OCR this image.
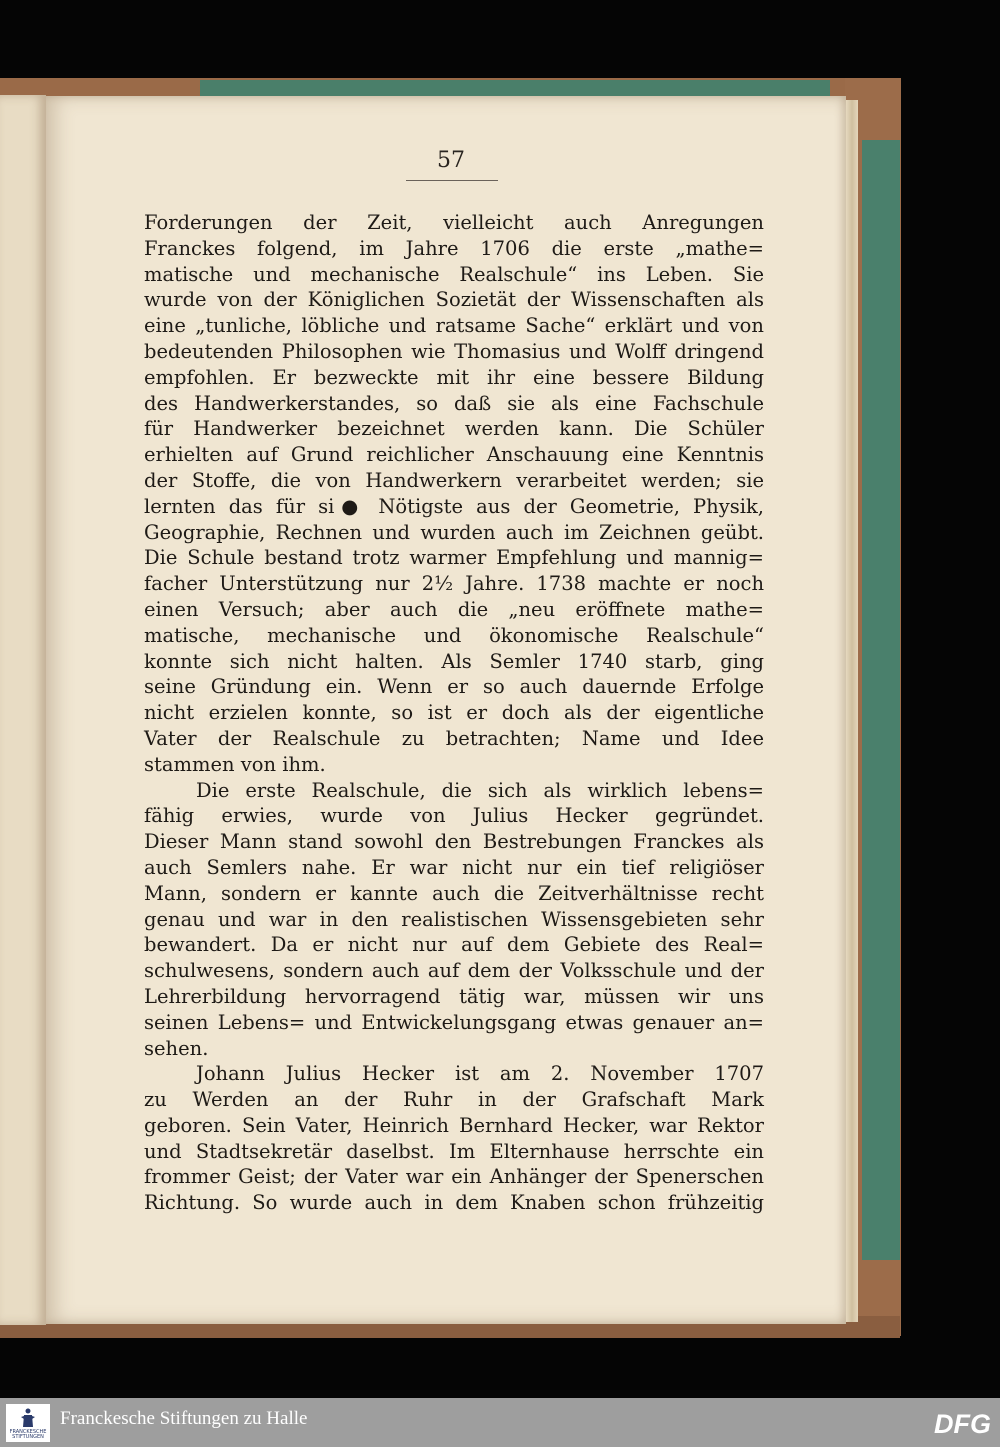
57
Forderungen der Zeit, vielleicht auch Anregungen
Franckes folgend, im Jahre 1706 die erste „mathe=
matische und mechanische Realschule“ ins Leben. Sie
wurde von der Königlichen Sozietät der Wissenschaften als
eine „tunliche, löbliche und ratsame Sache“ erklärt und von
bedeutenden Philosophen wie Thomasius und Wolff dringend
empfohlen. Er bezweckte mit ihr eine bessere Bildung
des Handwerkerstandes, so daß sie als eine Fachschule
für Handwerker bezeichnet werden kann. Die Schüler
erhielten auf Grund reichlicher Anschauung eine Kenntnis
der Stoffe, die von Handwerkern verarbeitet werden; sie
lernten das für si● Nötigste aus der Geometrie, Physik,
Geographie, Rechnen und wurden auch im Zeichnen geübt.
Die Schule bestand trotz warmer Empfehlung und mannig=
facher Unterstützung nur 2½ Jahre. 1738 machte er noch
einen Versuch; aber auch die „neu eröffnete mathe=
matische, mechanische und ökonomische Realschule“
konnte sich nicht halten. Als Semler 1740 starb, ging
seine Gründung ein. Wenn er so auch dauernde Erfolge
nicht erzielen konnte, so ist er doch als der eigentliche
Vater der Realschule zu betrachten; Name und Idee
stammen von ihm.
Die erste Realschule, die sich als wirklich lebens=
fähig erwies, wurde von Julius Hecker gegründet.
Dieser Mann stand sowohl den Bestrebungen Franckes als
auch Semlers nahe. Er war nicht nur ein tief religiöser
Mann, sondern er kannte auch die Zeitverhältnisse recht
genau und war in den realistischen Wissensgebieten sehr
bewandert. Da er nicht nur auf dem Gebiete des Real=
schulwesens, sondern auch auf dem der Volksschule und der
Lehrerbildung hervorragend tätig war, müssen wir uns
seinen Lebens= und Entwickelungsgang etwas genauer an=
sehen.
Johann Julius Hecker ist am 2. November 1707
zu Werden an der Ruhr in der Grafschaft Mark
geboren. Sein Vater, Heinrich Bernhard Hecker, war Rektor
und Stadtsekretär daselbst. Im Elternhause herrschte ein
frommer Geist; der Vater war ein Anhänger der Spenerschen
Richtung. So wurde auch in dem Knaben schon frühzeitig
FRANCKESCHE STIFTUNGEN
Franckesche Stiftungen zu Halle	DFG
